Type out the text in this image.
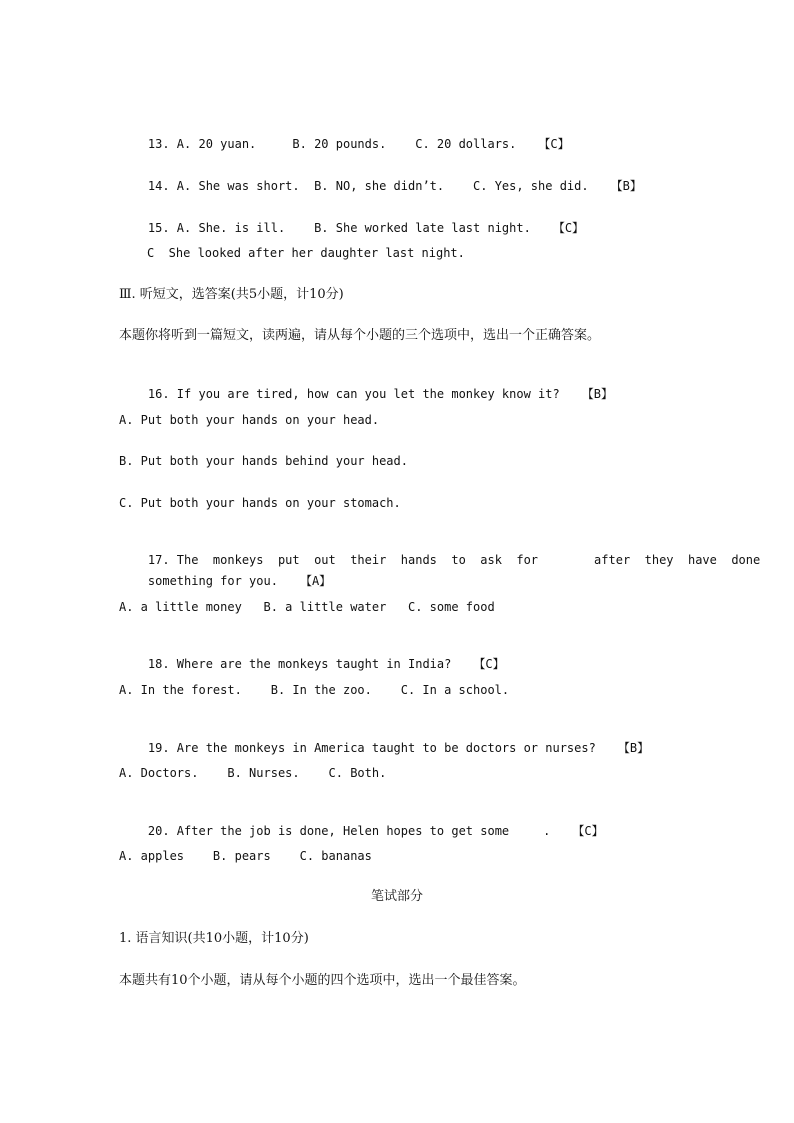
13. A. 20 yuan.     B. 20 pounds.    C. 20 dollars. 【C】

14. A. She was short.  B. NO, she didn’t.    C. Yes, she did. 【B】

15. A. She. is ill.    B. She worked late last night. 【C】

C  She looked after her daughter last night.
Ⅲ. 听短文，选答案(共5小题，计10分)
本题你将听到一篇短文，读两遍，请从每个小题的三个选项中，选出一个正确答案。

16. If you are tired, how can you let the monkey know it? 【B】

A. Put both your hands on your head.
B. Put both your hands behind your head.
C. Put both your hands on your stomach.

17. The  monkeys  put  out  their  hands  to  ask  for	after  they  have  done

something for you. 【A】

A. a little money   B. a little water   C. some food

18. Where are the monkeys taught in India? 【C】

A. In the forest.    B. In the zoo.    C. In a school.

19. Are the monkeys in America taught to be doctors or nurses? 【B】

A. Doctors.    B. Nurses.    C. Both.

20. After the job is done, Helen hopes to get some	. 【C】

A. apples    B. pears    C. bananas
笔试部分
1. 语言知识(共10小题，计10分)
本题共有10个小题，请从每个小题的四个选项中，选出一个最佳答案。
